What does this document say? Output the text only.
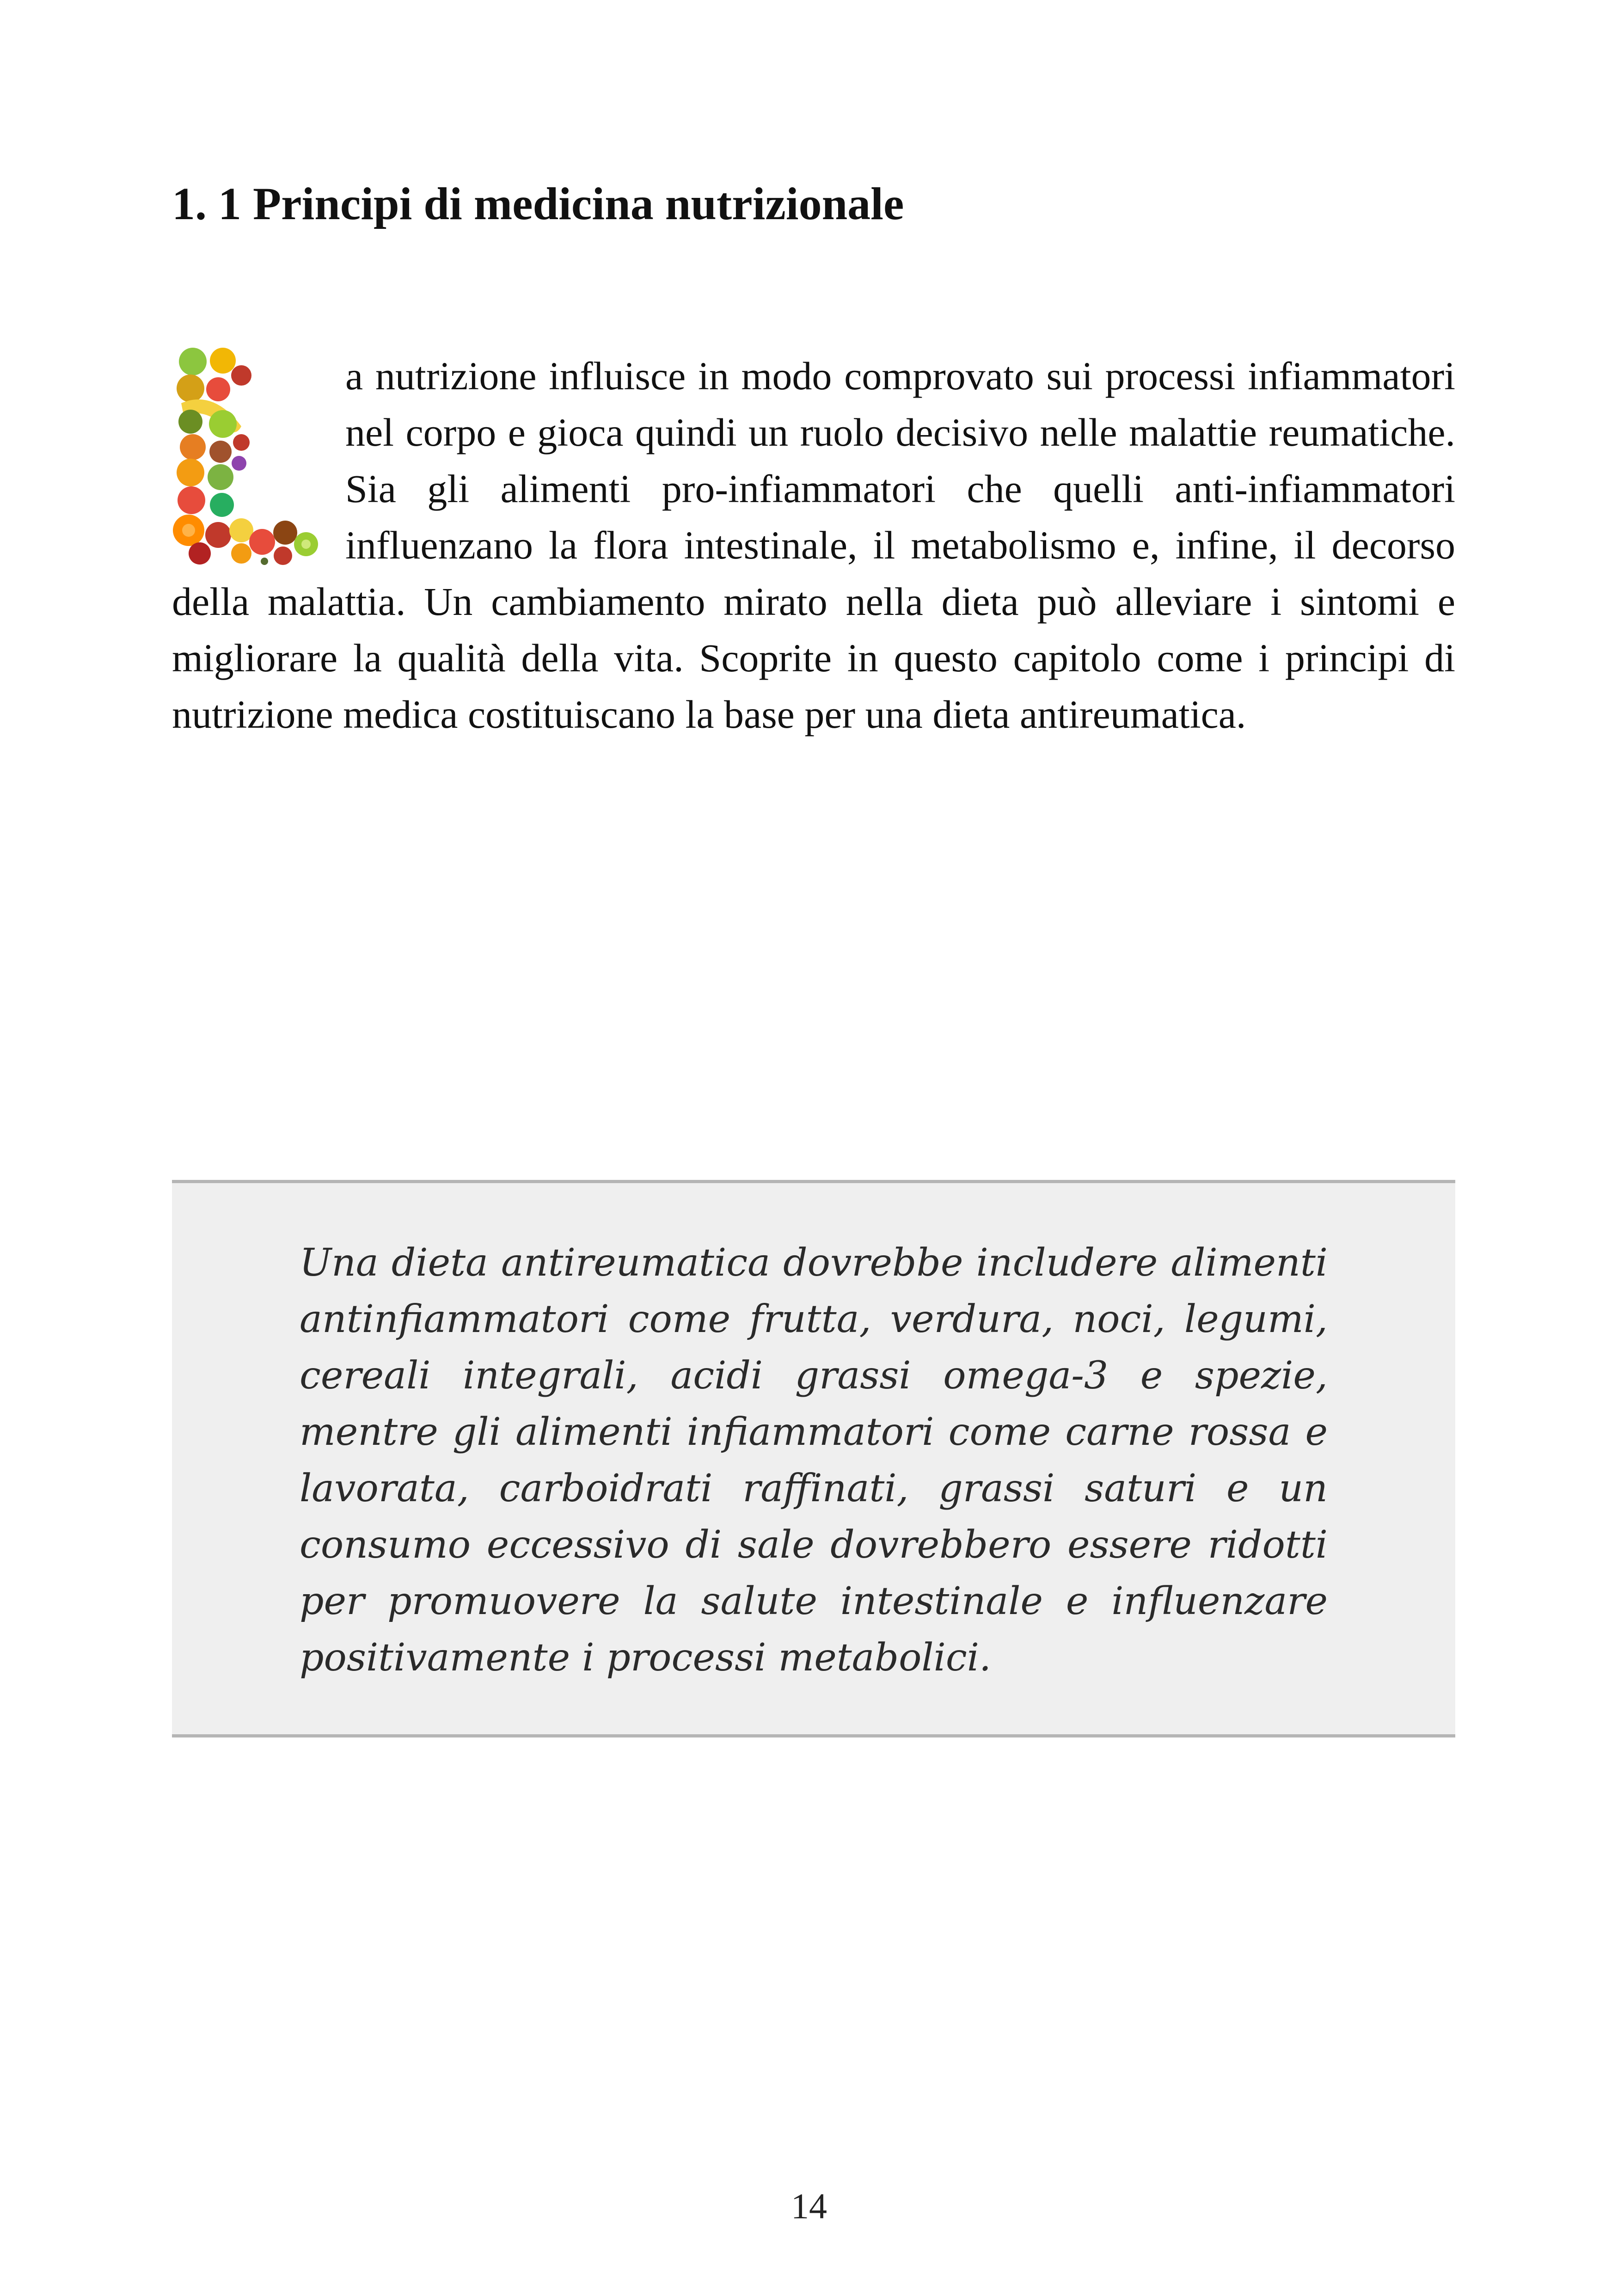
1. 1 Principi di medicina nutrizionale

a nutrizione influisce in modo comprovato sui processi infiammatori nel corpo e gioca quindi un ruolo decisivo nelle malattie reumatiche. Sia gli alimenti pro-infiammatori che quelli anti-infiammatori influenzano la flora intestinale, il metabolismo e, infine, il decorso della malattia. Un cambiamento mirato nella dieta può alleviare i sintomi e migliorare la qualità della vita. Scoprite in questo capitolo come i principi di nutrizione medica costituiscano la base per una dieta antireumatica.

Una dieta antireumatica dovrebbe includere alimenti antinfiammatori come frutta, verdura, noci, legumi, cereali integrali, acidi grassi omega-3 e spezie, mentre gli alimenti infiammatori come carne rossa e lavorata, carboidrati raffinati, grassi saturi e un consumo eccessivo di sale dovrebbero essere ridotti per promuovere la salute intestinale e influenzare positivamente i processi metabolici.

14
